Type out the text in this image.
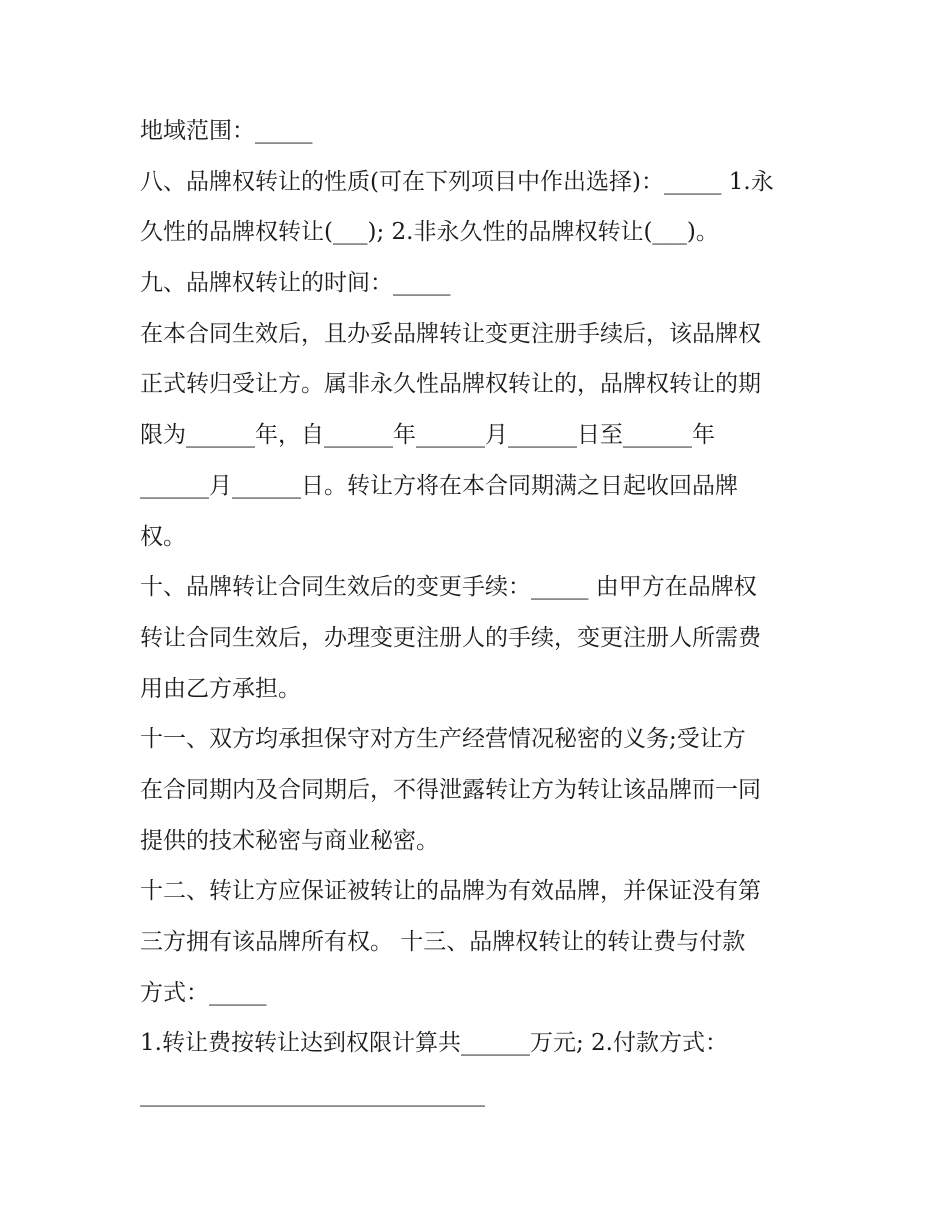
地域范围：_____
八、品牌权转让的性质(可在下列项目中作出选择)：_____ 1.永
久性的品牌权转让(___); 2.非永久性的品牌权转让(___)。
九、品牌权转让的时间：_____
在本合同生效后，且办妥品牌转让变更注册手续后，该品牌权
正式转归受让方。属非永久性品牌权转让的，品牌权转让的期
限为______年，自______年______月______日至______年
______月______日。转让方将在本合同期满之日起收回品牌
权。
十、品牌转让合同生效后的变更手续：_____ 由甲方在品牌权
转让合同生效后，办理变更注册人的手续，变更注册人所需费
用由乙方承担。
十一、双方均承担保守对方生产经营情况秘密的义务;受让方
在合同期内及合同期后，不得泄露转让方为转让该品牌而一同
提供的技术秘密与商业秘密。
十二、转让方应保证被转让的品牌为有效品牌，并保证没有第
三方拥有该品牌所有权。 十三、品牌权转让的转让费与付款
方式：_____
1.转让费按转让达到权限计算共______万元; 2.付款方式：
______________________________
